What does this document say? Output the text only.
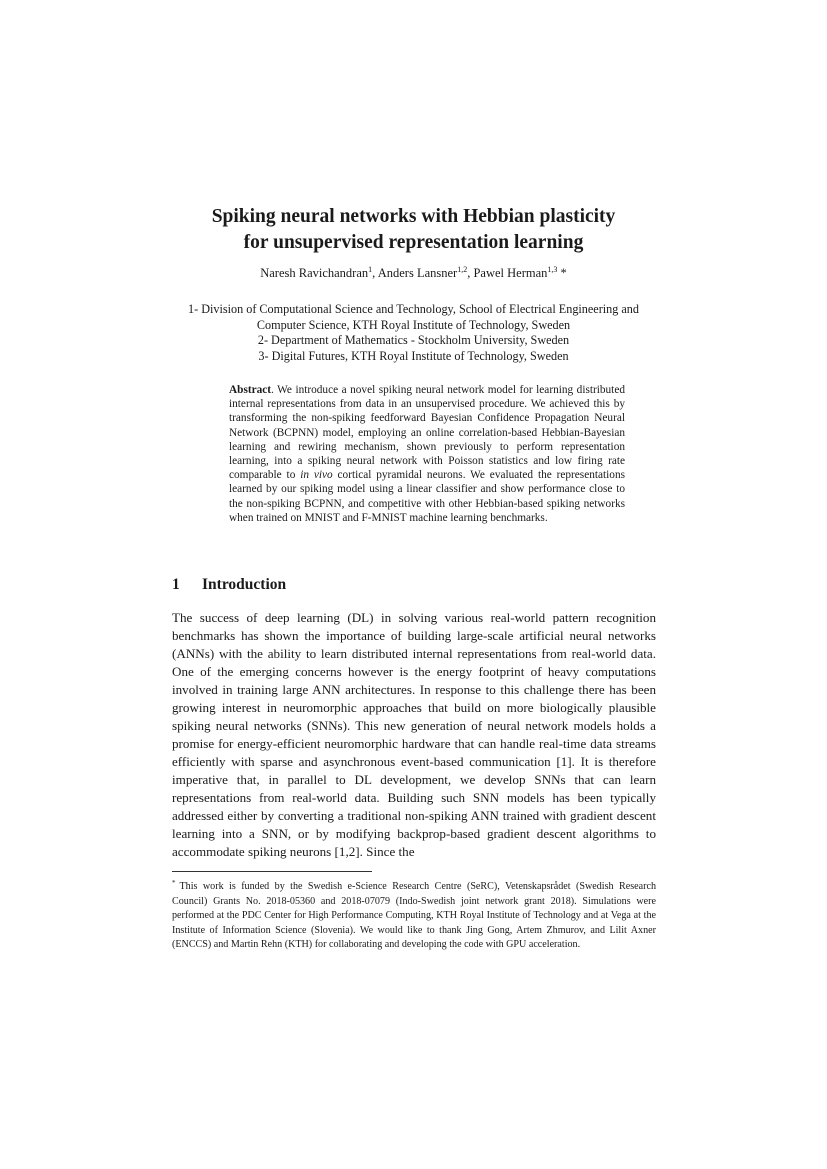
Spiking neural networks with Hebbian plasticity
for unsupervised representation learning
Naresh Ravichandran$^1$, Anders Lansner$^{1,2}$, Pawel Herman$^{1,3}$ *
1- Division of Computational Science and Technology, School of Electrical Engineering and
Computer Science, KTH Royal Institute of Technology, Sweden
2- Department of Mathematics - Stockholm University, Sweden
3- Digital Futures, KTH Royal Institute of Technology, Sweden
Abstract. We introduce a novel spiking neural network model for learning distributed internal representations from data in an unsupervised procedure. We achieved this by transforming the non-spiking feedforward Bayesian Confidence Propagation Neural Network (BCPNN) model, employing an online correlation-based Hebbian-Bayesian learning and rewiring mechanism, shown previously to perform representation learning, into a spiking neural network with Poisson statistics and low firing rate comparable to in vivo cortical pyramidal neurons. We evaluated the representations learned by our spiking model using a linear classifier and show performance close to the non-spiking BCPNN, and competitive with other Hebbian-based spiking networks when trained on MNIST and F-MNIST machine learning benchmarks.
1 Introduction
The success of deep learning (DL) in solving various real-world pattern recognition benchmarks has shown the importance of building large-scale artificial neural networks (ANNs) with the ability to learn distributed internal representations from real-world data. One of the emerging concerns however is the energy footprint of heavy computations involved in training large ANN architectures. In response to this challenge there has been growing interest in neuromorphic approaches that build on more biologically plausible spiking neural networks (SNNs). This new generation of neural network models holds a promise for energy-efficient neuromorphic hardware that can handle real-time data streams efficiently with sparse and asynchronous event-based communication [1]. It is therefore imperative that, in parallel to DL development, we develop SNNs that can learn representations from real-world data. Building such SNN models has been typically addressed either by converting a traditional non-spiking ANN trained with gradient descent learning into a SNN, or by modifying backprop-based gradient descent algorithms to accommodate spiking neurons [1,2]. Since the
* This work is funded by the Swedish e-Science Research Centre (SeRC), Vetenskapsrådet (Swedish Research Council) Grants No. 2018-05360 and 2018-07079 (Indo-Swedish joint network grant 2018). Simulations were performed at the PDC Center for High Performance Computing, KTH Royal Institute of Technology and at Vega at the Institute of Information Science (Slovenia). We would like to thank Jing Gong, Artem Zhmurov, and Lilit Axner (ENCCS) and Martin Rehn (KTH) for collaborating and developing the code with GPU acceleration.
